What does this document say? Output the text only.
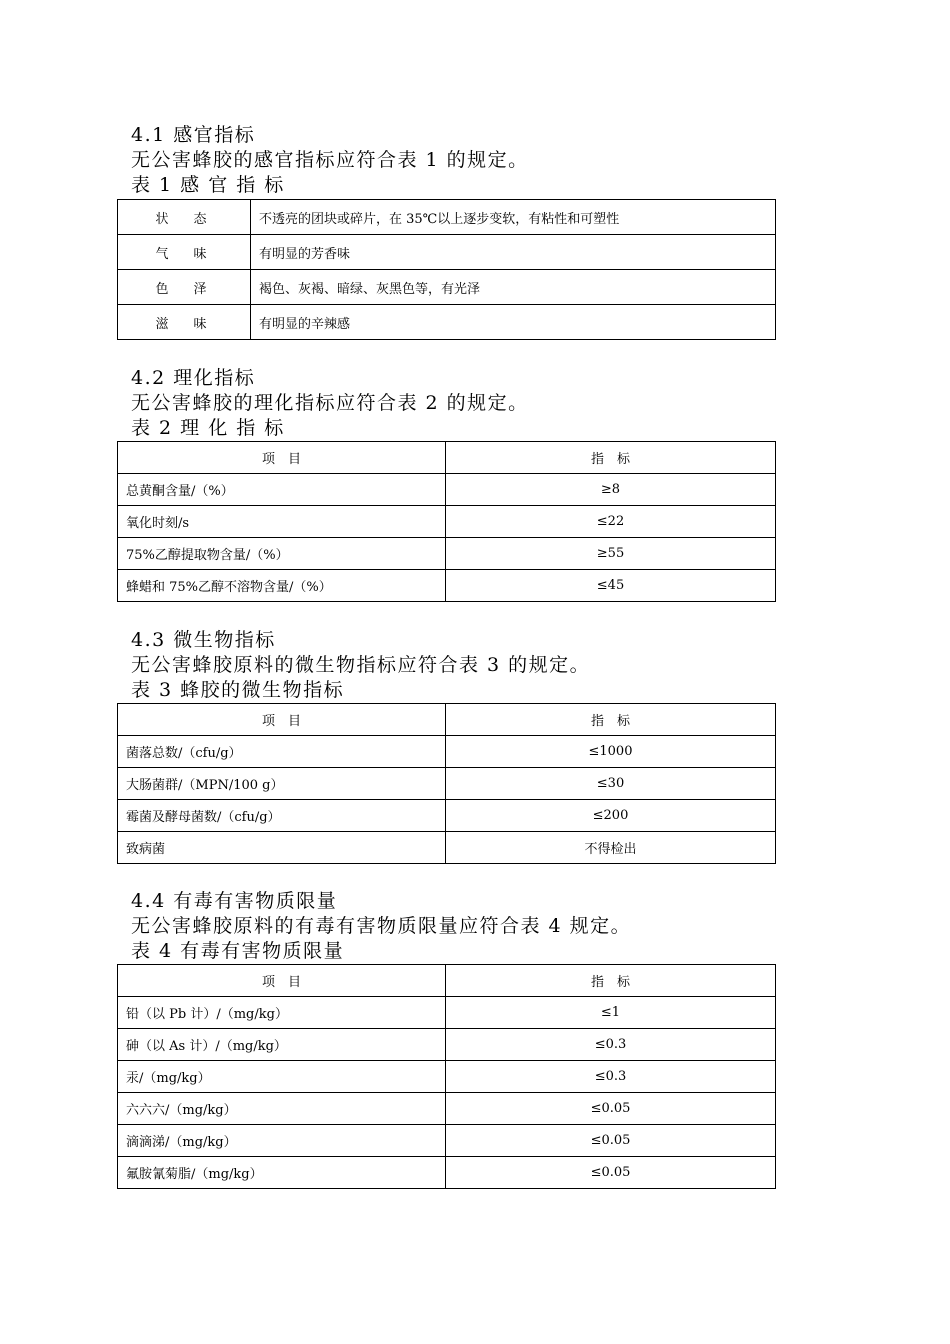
4.1 感官指标
无公害蜂胶的感官指标应符合表 1 的规定。
表 1 感 官 指 标
状　态	不透亮的团块或碎片，在 35℃以上逐步变软，有粘性和可塑性
气　味	有明显的芳香味
色　泽	褐色、灰褐、暗绿、灰黑色等，有光泽
滋　味	有明显的辛辣感
4.2 理化指标
无公害蜂胶的理化指标应符合表 2 的规定。
表 2 理 化 指 标
项　目	指　标
总黄酮含量/（%）	≥8
氧化时刻/s	≤22
75%乙醇提取物含量/（%）	≥55
蜂蜡和 75%乙醇不溶物含量/（%）	≤45
4.3 微生物指标
无公害蜂胶原料的微生物指标应符合表 3 的规定。
表 3 蜂胶的微生物指标
项　目	指　标
菌落总数/（cfu/g）	≤1000
大肠菌群/（MPN/100 g）	≤30
霉菌及酵母菌数/（cfu/g）	≤200
致病菌	不得检出
4.4 有毒有害物质限量
无公害蜂胶原料的有毒有害物质限量应符合表 4 规定。
表 4 有毒有害物质限量
项　目	指　标
铅（以 Pb 计）/（mg/kg）	≤1
砷（以 As 计）/（mg/kg）	≤0.3
汞/（mg/kg）	≤0.3
六六六/（mg/kg）	≤0.05
滴滴涕/（mg/kg）	≤0.05
氟胺氰菊脂/（mg/kg）	≤0.05
